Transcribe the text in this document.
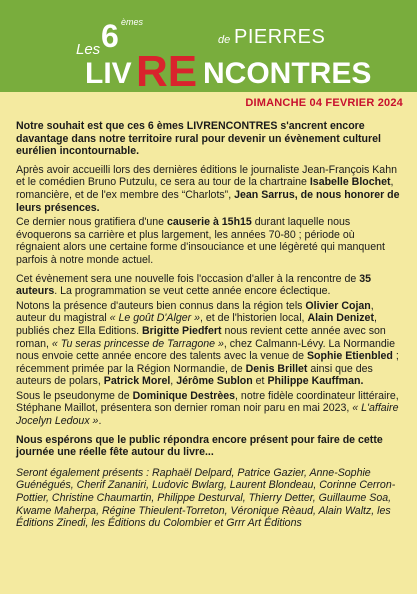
Les 6 èmes
de PIERRES
LIV RE NCONTRES
DIMANCHE 04 FEVRIER 2024

Notre souhait est que ces 6 èmes LIVRENCONTRES s'ancrent encore davantage dans notre territoire rural pour devenir un évènement culturel eurélien incontournable.

Après avoir accueilli lors des dernières éditions le journaliste Jean-François Kahn et le comédien Bruno Putzulu, ce sera au tour de la chartraine Isabelle Blochet, romancière, et de l'ex membre des “Charlots”, Jean Sarrus, de nous honorer de leurs présences.

Ce dernier nous gratifiera d'une causerie à 15h15 durant laquelle nous évoquerons sa carrière et plus largement, les années 70-80 ; période où régnaient alors une certaine forme d'insouciance et une légèreté qui manquent parfois à notre monde actuel.

Cet évènement sera une nouvelle fois l'occasion d'aller à la rencontre de 35 auteurs. La programmation se veut cette année encore éclectique.

Notons la présence d'auteurs bien connus dans la région tels Olivier Cojan, auteur du magistral « Le goût D'Alger », et de l'historien local, Alain Denizet, publiés chez Ella Editions. Brigitte Piedfert nous revient cette année avec son roman, « Tu seras princesse de Tarragone », chez Calmann-Lévy. La Normandie nous envoie cette année encore des talents avec la venue de Sophie Etienbled ; récemment primée par la Région Normandie, de Denis Brillet ainsi que des auteurs de polars, Patrick Morel, Jérôme Sublon et Philippe Kauffman.

Sous le pseudonyme de Dominique Destrèes, notre fidèle coordinateur littéraire, Stéphane Maillot, présentera son dernier roman noir paru en mai 2023, « L'affaire Jocelyn Ledoux ».

Nous espérons que le public répondra encore présent pour faire de cette journée une réelle fête autour du livre...

Seront également présents : Raphaël Delpard, Patrice Gazier, Anne-Sophie Guénégués, Cherif Zananiri, Ludovic Bwlarg, Laurent Blondeau, Corinne Cerron-Pottier, Christine Chaumartin, Philippe Desturval, Thierry Detter, Guillaume Soa, Kwame Maherpa, Régine Thieulent-Torreton, Véronique Rèaud, Alain Waltz, les Éditions Zinedi, les Éditions du Colombier et Grrr Art Éditions
